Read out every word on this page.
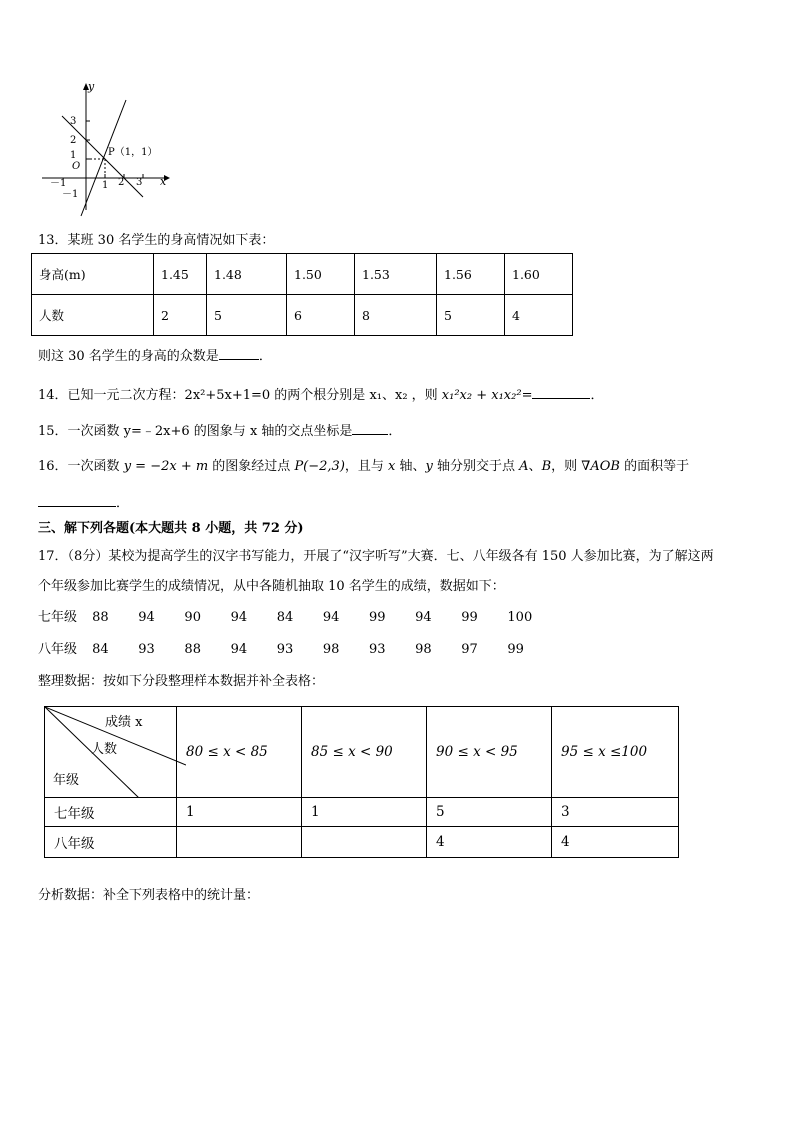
y
x
O
3
2
1
－1
－1	1 2 3
P（1，1）
13．某班 30 名学生的身高情况如下表：
身高(m)	1.45	1.48	1.50	1.53	1.56	1.60
人数	2	5	6	8	5	4
则这 30 名学生的身高的众数是	．
14．已知一元二次方程：2x²+5x+1=0 的两个根分别是 x₁、x₂ ，则 x₁²x₂ + x₁x₂²=	．
15．一次函数 y=﹣2x+6 的图象与 x 轴的交点坐标是	．
16．一次函数 y = −2x + m 的图象经过点 P(−2,3)，且与 x 轴、y 轴分别交于点 A、B，则 ∇AOB 的面积等于
．
三、解下列各题(本大题共 8 小题，共 72 分)
17．（8分）某校为提高学生的汉字书写能力，开展了“汉字听写”大赛．七、八年级各有 150 人参加比赛，为了解这两
个年级参加比赛学生的成绩情况，从中各随机抽取 10 名学生的成绩，数据如下：
七年级 88 94 90 94 84 94 99 94 99 100
八年级 84 93 88 94 93 98 93 98 97 99
整理数据：按如下分段整理样本数据并补全表格：
成绩 x
人数
年级	80 ≤ x < 85	85 ≤ x < 90	90 ≤ x < 95	95 ≤ x ≤100
七年级	1	1	5	3
八年级			4	4
分析数据：补全下列表格中的统计量：
